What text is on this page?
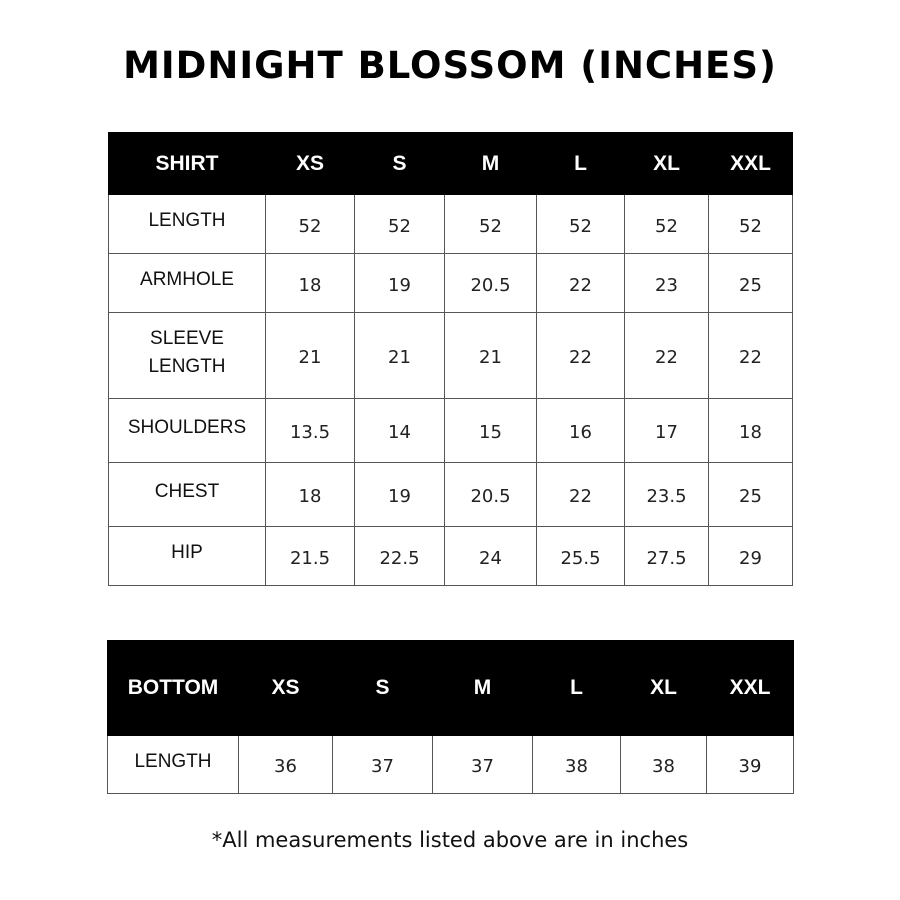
MIDNIGHT BLOSSOM (INCHES)
SHIRT	XS	S	M	L	XL	XXL
LENGTH	52	52	52	52	52	52
ARMHOLE	18	19	20.5	22	23	25
SLEEVE
LENGTH	21	21	21	22	22	22
SHOULDERS	13.5	14	15	16	17	18
CHEST	18	19	20.5	22	23.5	25
HIP	21.5	22.5	24	25.5	27.5	29
BOTTOM	XS	S	M	L	XL	XXL
LENGTH	36	37	37	38	38	39
*All measurements listed above are in inches
